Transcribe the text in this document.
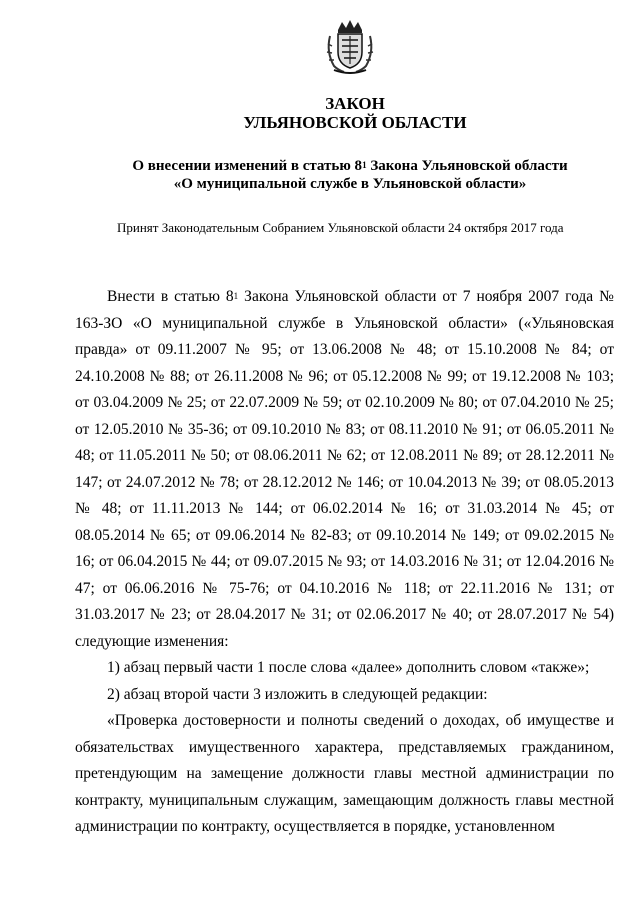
ЗАКОН
УЛЬЯНОВСКОЙ ОБЛАСТИ
О внесении изменений в статью $8^1$ Закона Ульяновской области
«О муниципальной службе в Ульяновской области»
Принят Законодательным Собранием Ульяновской области 24 октября 2017 года

Внести в статью $8^1$ Закона Ульяновской области от 7 ноября 2007 года № 163-ЗО «О муниципальной службе в Ульяновской области» («Ульяновская правда» от 09.11.2007 № 95; от 13.06.2008 № 48; от 15.10.2008 № 84; от 24.10.2008 № 88; от 26.11.2008 № 96; от 05.12.2008 № 99; от 19.12.2008 № 103; от 03.04.2009 № 25; от 22.07.2009 № 59; от 02.10.2009 № 80; от 07.04.2010 № 25; от 12.05.2010 № 35-36; от 09.10.2010 № 83; от 08.11.2010 № 91; от 06.05.2011 № 48; от 11.05.2011 № 50; от 08.06.2011 № 62; от 12.08.2011 № 89; от 28.12.2011 № 147; от 24.07.2012 № 78; от 28.12.2012 № 146; от 10.04.2013 № 39; от 08.05.2013 № 48; от 11.11.2013 № 144; от 06.02.2014 № 16; от 31.03.2014 № 45; от 08.05.2014 № 65; от 09.06.2014 № 82-83; от 09.10.2014 № 149; от 09.02.2015 № 16; от 06.04.2015 № 44; от 09.07.2015 № 93; от 14.03.2016 № 31; от 12.04.2016 № 47; от 06.06.2016 № 75-76; от 04.10.2016 № 118; от 22.11.2016 № 131; от 31.03.2017 № 23; от 28.04.2017 № 31; от 02.06.2017 № 40; от 28.07.2017 № 54) следующие изменения:

1) абзац первый части 1 после слова «далее» дополнить словом «также»;

2) абзац второй части 3 изложить в следующей редакции:

«Проверка достоверности и полноты сведений о доходах, об имуществе и обязательствах имущественного характера, представляемых гражданином, претендующим на замещение должности главы местной администрации по контракту, муниципальным служащим, замещающим должность главы местной администрации по контракту, осуществляется в порядке, установленном
